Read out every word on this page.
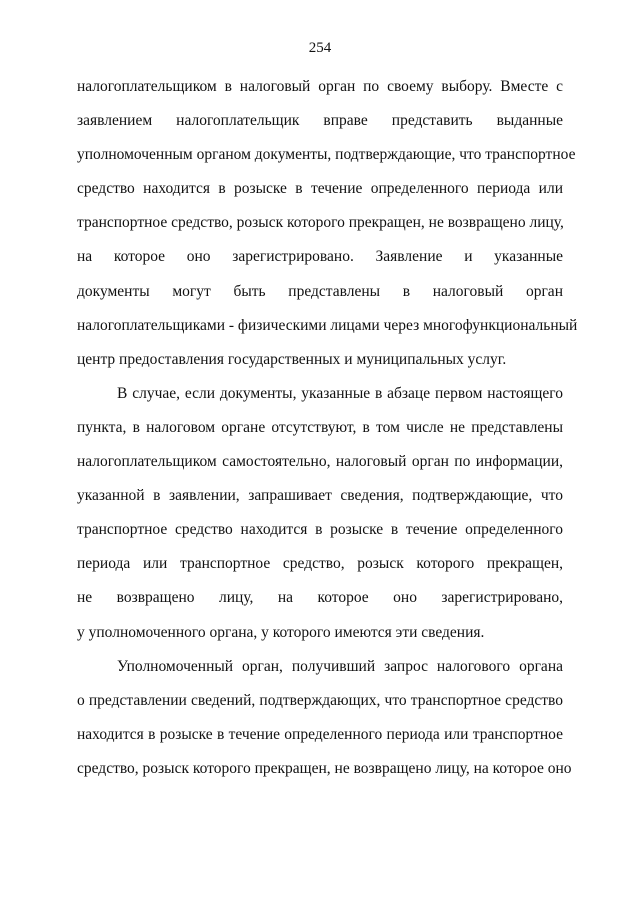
254
налогоплательщиком в налоговый орган по своему выбору. Вместе с
заявлением налогоплательщик вправе представить выданные
уполномоченным органом документы, подтверждающие, что транспортное
средство находится в розыске в течение определенного периода или
транспортное средство, розыск которого прекращен, не возвращено лицу,
на которое оно зарегистрировано. Заявление и указанные
документы могут быть представлены в налоговый орган
налогоплательщиками - физическими лицами через многофункциональный
центр предоставления государственных и муниципальных услуг.
В случае, если документы, указанные в абзаце первом настоящего
пункта, в налоговом органе отсутствуют, в том числе не представлены
налогоплательщиком самостоятельно, налоговый орган по информации,
указанной в заявлении, запрашивает сведения, подтверждающие, что
транспортное средство находится в розыске в течение определенного
периода или транспортное средство, розыск которого прекращен,
не возвращено лицу, на которое оно зарегистрировано,
у уполномоченного органа, у которого имеются эти сведения.
Уполномоченный орган, получивший запрос налогового органа
о представлении сведений, подтверждающих, что транспортное средство
находится в розыске в течение определенного периода или транспортное
средство, розыск которого прекращен, не возвращено лицу, на которое оно
